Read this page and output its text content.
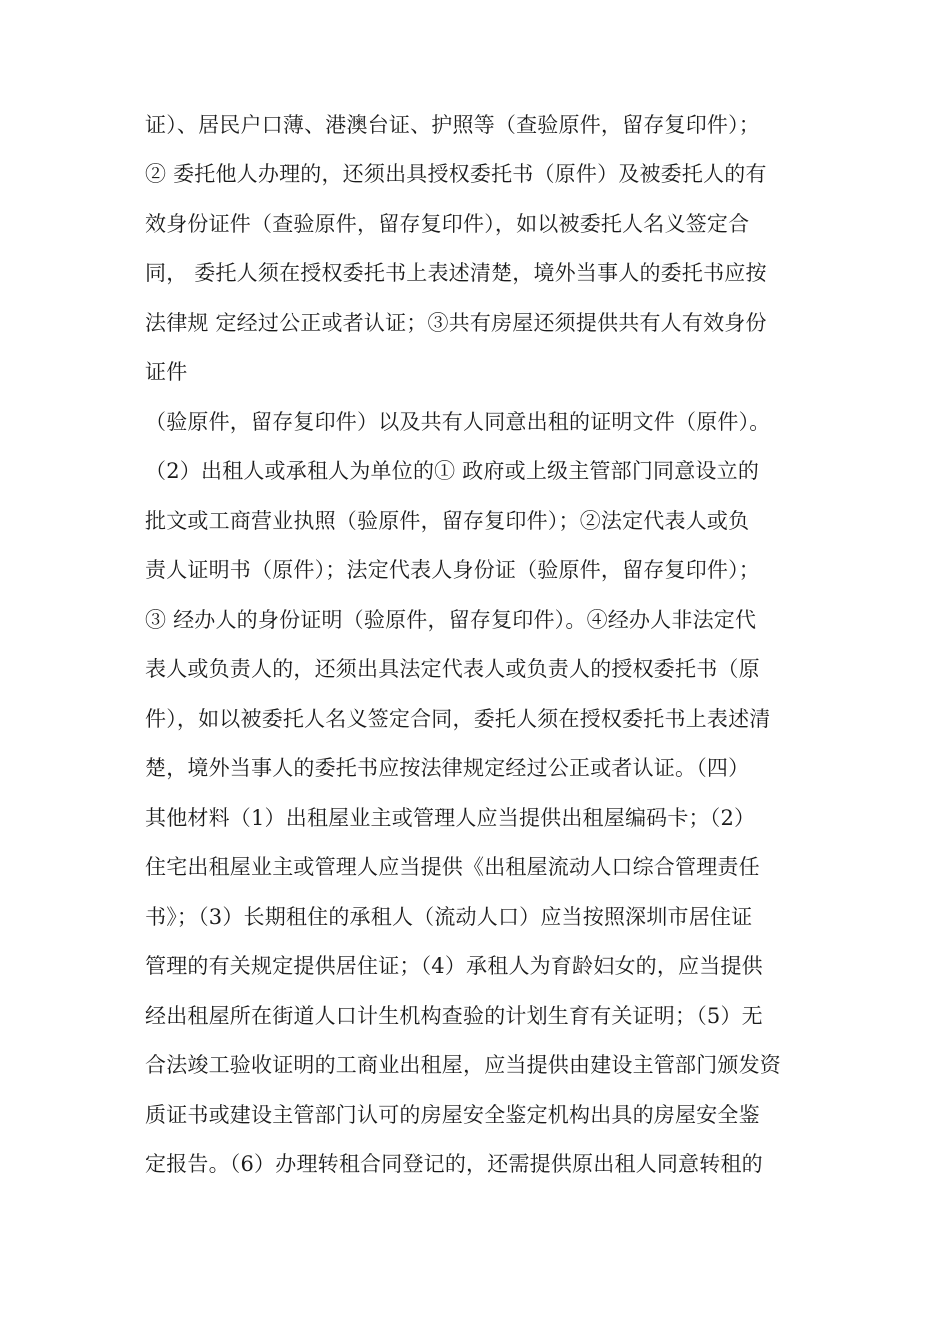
证）、居民户口薄、港澳台证、护照等（查验原件，留存复印件）；
② 委托他人办理的，还须出具授权委托书（原件）及被委托人的有
效身份证件（查验原件，留存复印件），如以被委托人名义签定合
同， 委托人须在授权委托书上表述清楚，境外当事人的委托书应按
法律规 定经过公正或者认证；③共有房屋还须提供共有人有效身份
证件
（验原件，留存复印件）以及共有人同意出租的证明文件（原件）。
（2）出租人或承租人为单位的① 政府或上级主管部门同意设立的
批文或工商营业执照（验原件，留存复印件）；②法定代表人或负
责人证明书（原件）；法定代表人身份证（验原件，留存复印件）；
③ 经办人的身份证明（验原件，留存复印件）。④经办人非法定代
表人或负责人的，还须出具法定代表人或负责人的授权委托书（原
件），如以被委托人名义签定合同，委托人须在授权委托书上表述清
楚，境外当事人的委托书应按法律规定经过公正或者认证。（四）
其他材料（1）出租屋业主或管理人应当提供出租屋编码卡；（2）
住宅出租屋业主或管理人应当提供《出租屋流动人口综合管理责任
书》；（3）长期租住的承租人（流动人口）应当按照深圳市居住证
管理的有关规定提供居住证；（4）承租人为育龄妇女的，应当提供
经出租屋所在街道人口计生机构查验的计划生育有关证明；（5）无
合法竣工验收证明的工商业出租屋，应当提供由建设主管部门颁发资
质证书或建设主管部门认可的房屋安全鉴定机构出具的房屋安全鉴
定报告。（6）办理转租合同登记的，还需提供原出租人同意转租的
